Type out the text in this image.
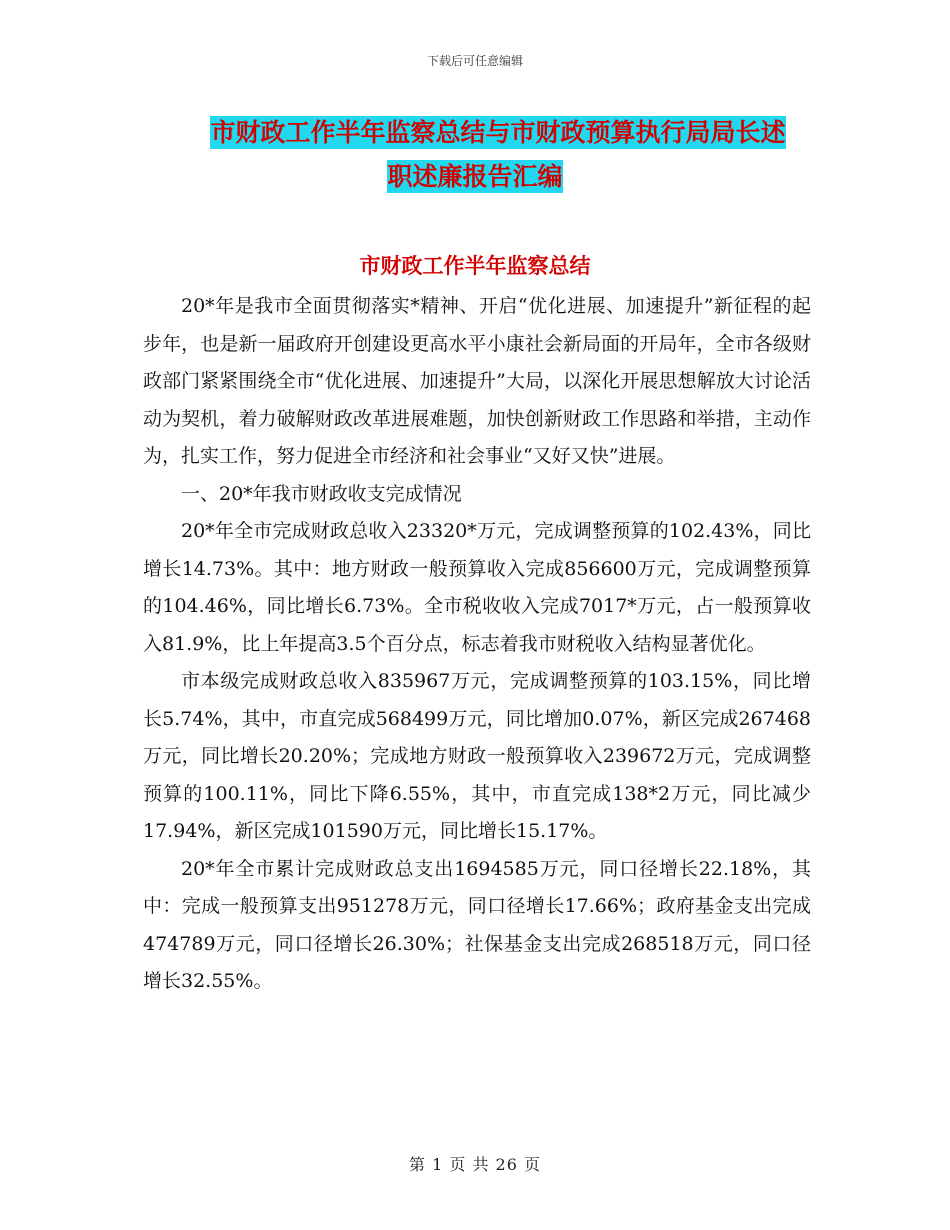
下载后可任意编辑
市财政工作半年监察总结与市财政预算执行局局长述
职述廉报告汇编
市财政工作半年监察总结

20*年是我市全面贯彻落实*精神、开启“优化进展、加速提升”新征程的起步年，也是新一届政府开创建设更高水平小康社会新局面的开局年，全市各级财政部门紧紧围绕全市“优化进展、加速提升”大局，以深化开展思想解放大讨论活动为契机，着力破解财政改革进展难题，加快创新财政工作思路和举措，主动作为，扎实工作，努力促进全市经济和社会事业“又好又快”进展。

一、20*年我市财政收支完成情况

20*年全市完成财政总收入23320*万元，完成调整预算的102.43%，同比增长14.73%。其中：地方财政一般预算收入完成856600万元，完成调整预算的104.46%，同比增长6.73%。全市税收收入完成7017*万元，占一般预算收入81.9%，比上年提高3.5个百分点，标志着我市财税收入结构显著优化。

市本级完成财政总收入835967万元，完成调整预算的103.15%，同比增长5.74%，其中，市直完成568499万元，同比增加0.07%，新区完成267468万元，同比增长20.20%；完成地方财政一般预算收入239672万元，完成调整预算的100.11%，同比下降6.55%，其中，市直完成138*2万元，同比减少17.94%，新区完成101590万元，同比增长15.17%。

20*年全市累计完成财政总支出1694585万元，同口径增长22.18%，其中：完成一般预算支出951278万元，同口径增长17.66%；政府基金支出完成474789万元，同口径增长26.30%；社保基金支出完成268518万元，同口径增长32.55%。

第 1 页 共 26 页
